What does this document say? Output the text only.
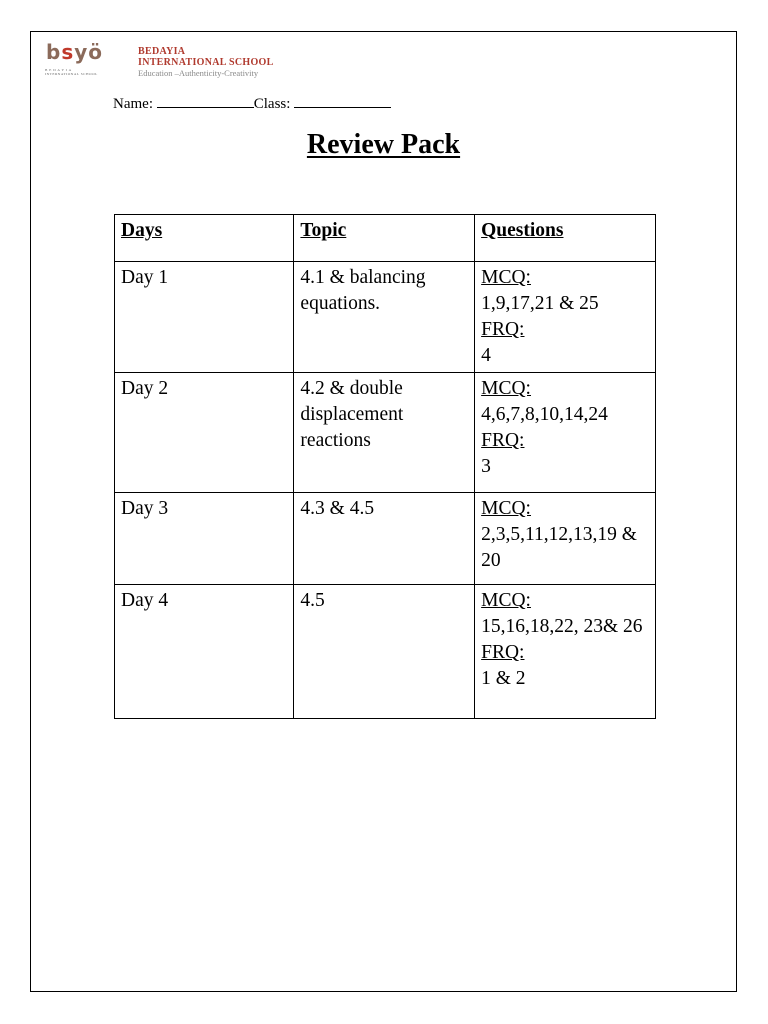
bsyö
B E D A Y I A
INTERNATIONAL SCHOOL
BEDAYIA
INTERNATIONAL SCHOOL
Education –Authenticity-Creativity
Name:	Class:
Review Pack
Days	Topic	Questions
Day 1	4.1 & balancing equations.	MCQ:
1,9,17,21 & 25
FRQ:
4

Day 2	4.2 & double displacement reactions	MCQ:
4,6,7,8,10,14,24
FRQ:
3

Day 3	4.3 & 4.5	MCQ:
2,3,5,11,12,13,19 & 20

Day 4	4.5	MCQ:
15,16,18,22, 23& 26
FRQ:
1 & 2
